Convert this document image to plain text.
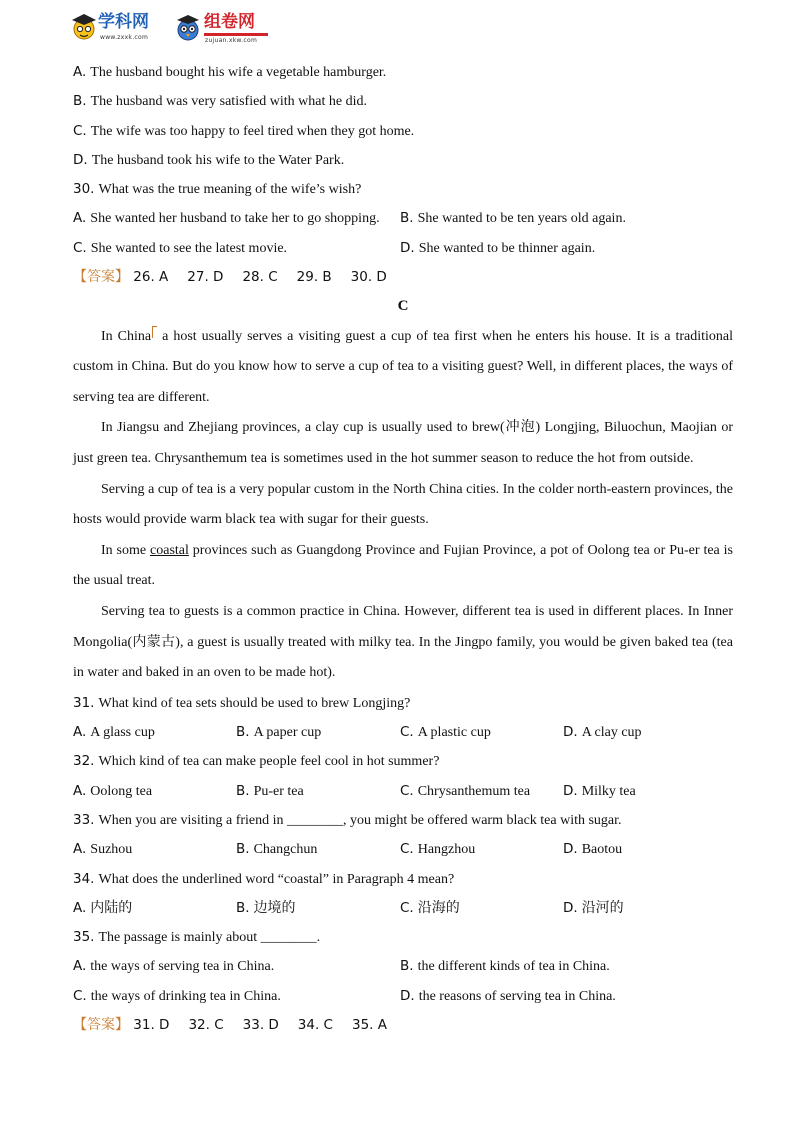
学科网
www.zxxk.com
组卷网
zujuan.xkw.com
A. The husband bought his wife a vegetable hamburger.
B. The husband was very satisfied with what he did.
C. The wife was too happy to feel tired when they got home.
D. The husband took his wife to the Water Park.
30. What was the true meaning of the wife’s wish?
A. She wanted her husband to take her to go shopping. B. She wanted to be ten years old again.
C. She wanted to see the latest movie.	D. She wanted to be thinner again.
【答案】 26. A 27. D 28. C 29. B 30. D
C

In China a host usually serves a visiting guest a cup of tea first when he enters his house. It is a traditional custom in China. But do you know how to serve a cup of tea to a visiting guest? Well, in different places, the ways of serving tea are different.

In Jiangsu and Zhejiang provinces, a clay cup is usually used to brew(冲泡) Longjing, Biluochun, Maojian or just green tea. Chrysanthemum tea is sometimes used in the hot summer season to reduce the hot from outside.

Serving a cup of tea is a very popular custom in the North China cities. In the colder north-eastern provinces, the hosts would provide warm black tea with sugar for their guests.

In some coastal provinces such as Guangdong Province and Fujian Province, a pot of Oolong tea or Pu-er tea is the usual treat.

Serving tea to guests is a common practice in China. However, different tea is used in different places. In Inner Mongolia(内蒙古), a guest is usually treated with milky tea. In the Jingpo family, you would be given baked tea (tea in water and baked in an oven to be made hot).

31. What kind of tea sets should be used to brew Longjing?
A. A glass cup	B. A paper cup	C. A plastic cup	D. A clay cup
32. Which kind of tea can make people feel cool in hot summer?
A. Oolong tea	B. Pu-er tea	C. Chrysanthemum tea D. Milky tea
33. When you are visiting a friend in ________, you might be offered warm black tea with sugar.
A. Suzhou	B. Changchun	C. Hangzhou	D. Baotou
34. What does the underlined word “coastal” in Paragraph 4 mean?
A. 内陆的	B. 边境的	C. 沿海的	D. 沿河的
35. The passage is mainly about ________.
A. the ways of serving tea in China.	B. the different kinds of tea in China.
C. the ways of drinking tea in China.	D. the reasons of serving tea in China.
【答案】 31. D 32. C 33. D 34. C 35. A
